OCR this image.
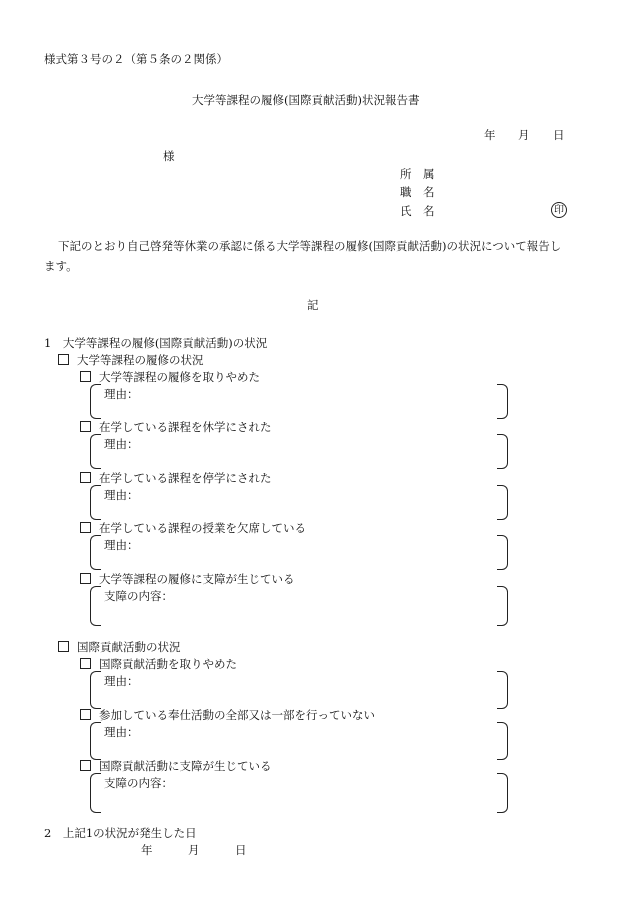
様式第３号の２（第５条の２関係）
大学等課程の履修(国際貢献活動)状況報告書
年 月 日
様
所　属
職　名
氏　名	印
下記のとおり自己啓発等休業の承認に係る大学等課程の履修(国際貢献活動)の状況について報告し
ます。
記
1　大学等課程の履修(国際貢献活動)の状況
大学等課程の履修の状況
大学等課程の履修を取りやめた
理由：
在学している課程を休学にされた
理由：
在学している課程を停学にされた
理由：
在学している課程の授業を欠席している
理由：
大学等課程の履修に支障が生じている
支障の内容：
国際貢献活動の状況
国際貢献活動を取りやめた
理由：
参加している奉仕活動の全部又は一部を行っていない
理由：
国際貢献活動に支障が生じている
支障の内容：
2　上記1の状況が発生した日
年	月	日
